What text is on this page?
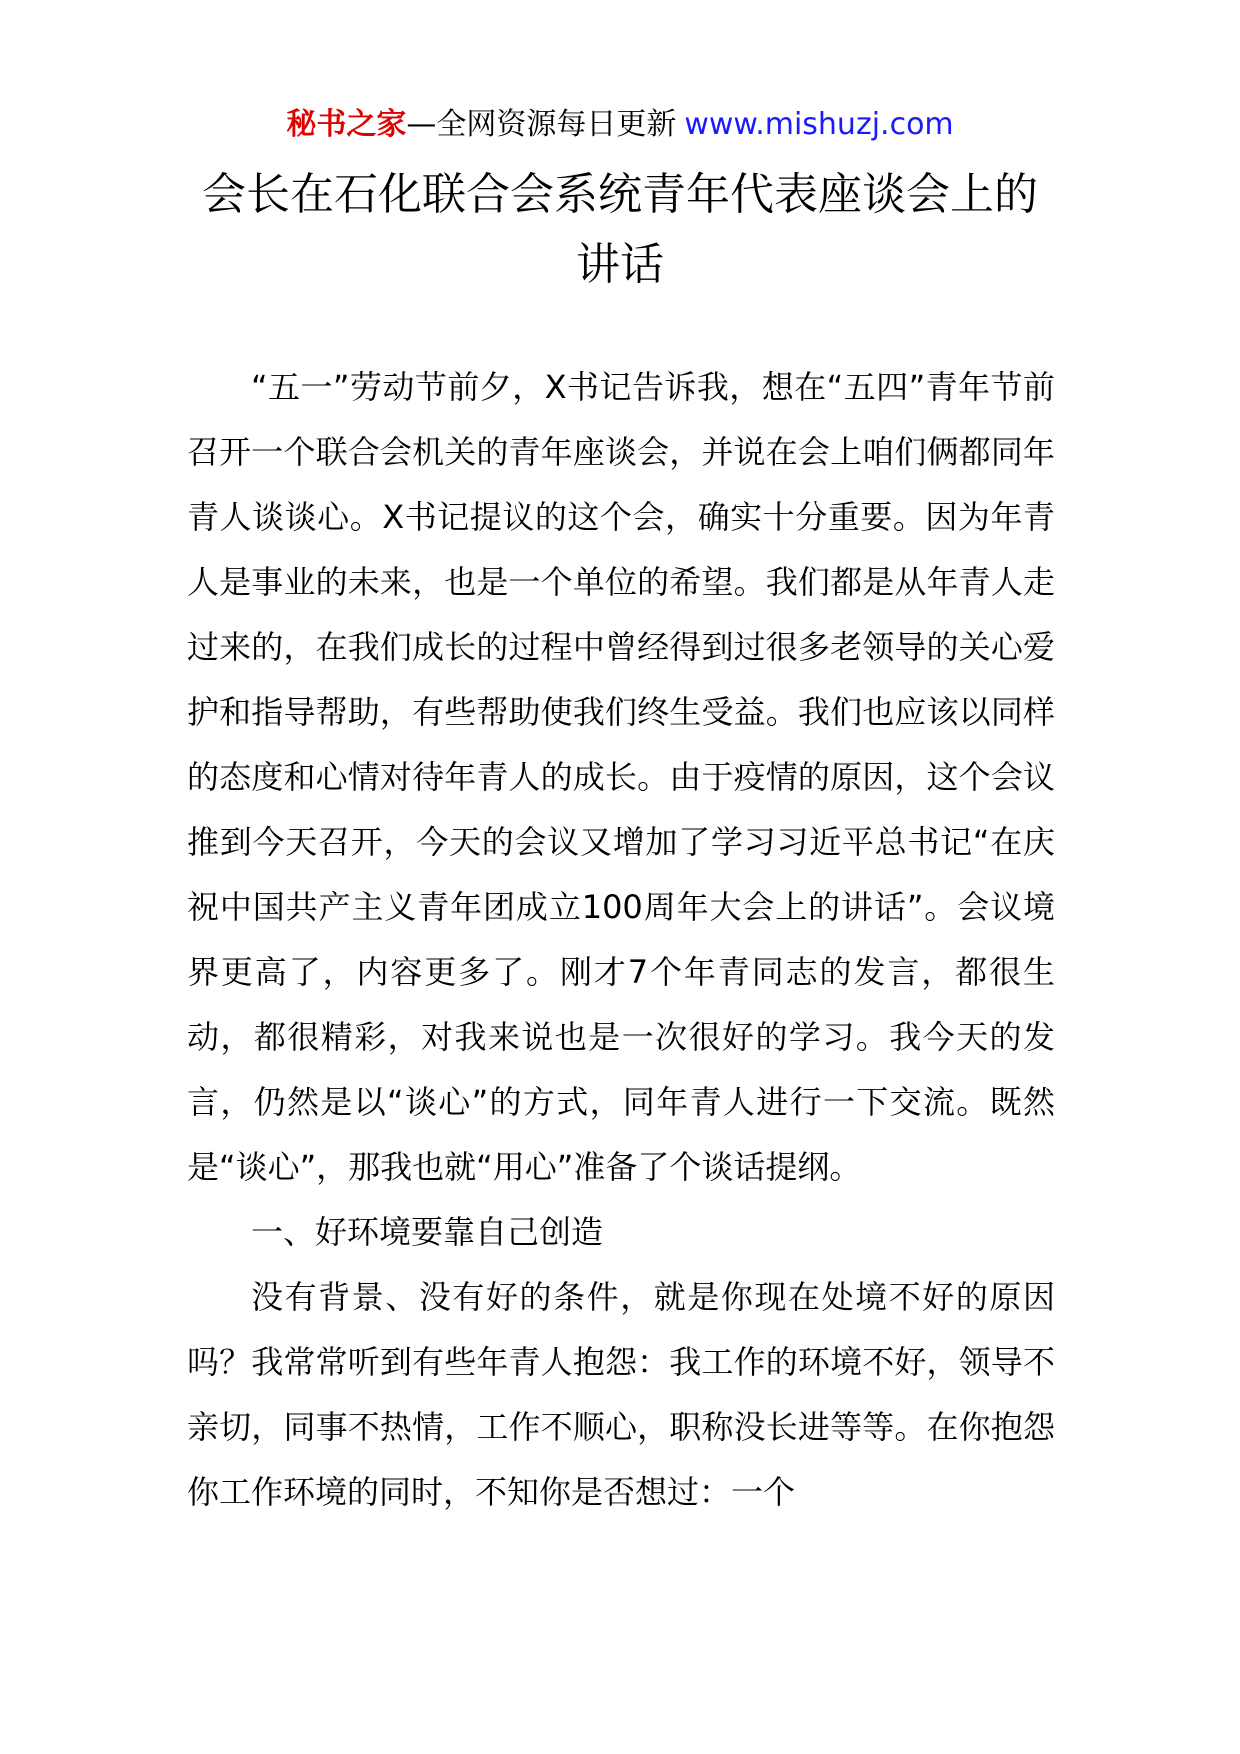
秘书之家—全网资源每日更新 www.mishuzj.com
会长在石化联合会系统青年代表座谈会上的讲话

“五一”劳动节前夕，X书记告诉我，想在“五四”青年节前召开一个联合会机关的青年座谈会，并说在会上咱们俩都同年青人谈谈心。X书记提议的这个会，确实十分重要。因为年青人是事业的未来，也是一个单位的希望。我们都是从年青人走过来的，在我们成长的过程中曾经得到过很多老领导的关心爱护和指导帮助，有些帮助使我们终生受益。我们也应该以同样的态度和心情对待年青人的成长。由于疫情的原因，这个会议推到今天召开，今天的会议又增加了学习习近平总书记“在庆祝中国共产主义青年团成立100周年大会上的讲话”。会议境界更高了，内容更多了。刚才7个年青同志的发言，都很生动，都很精彩，对我来说也是一次很好的学习。我今天的发言，仍然是以“谈心”的方式，同年青人进行一下交流。既然是“谈心”，那我也就“用心”准备了个谈话提纲。

一、好环境要靠自己创造

没有背景、没有好的条件，就是你现在处境不好的原因吗？我常常听到有些年青人抱怨：我工作的环境不好，领导不亲切，同事不热情，工作不顺心，职称没长进等等。在你抱怨你工作环境的同时，不知你是否想过：一个
